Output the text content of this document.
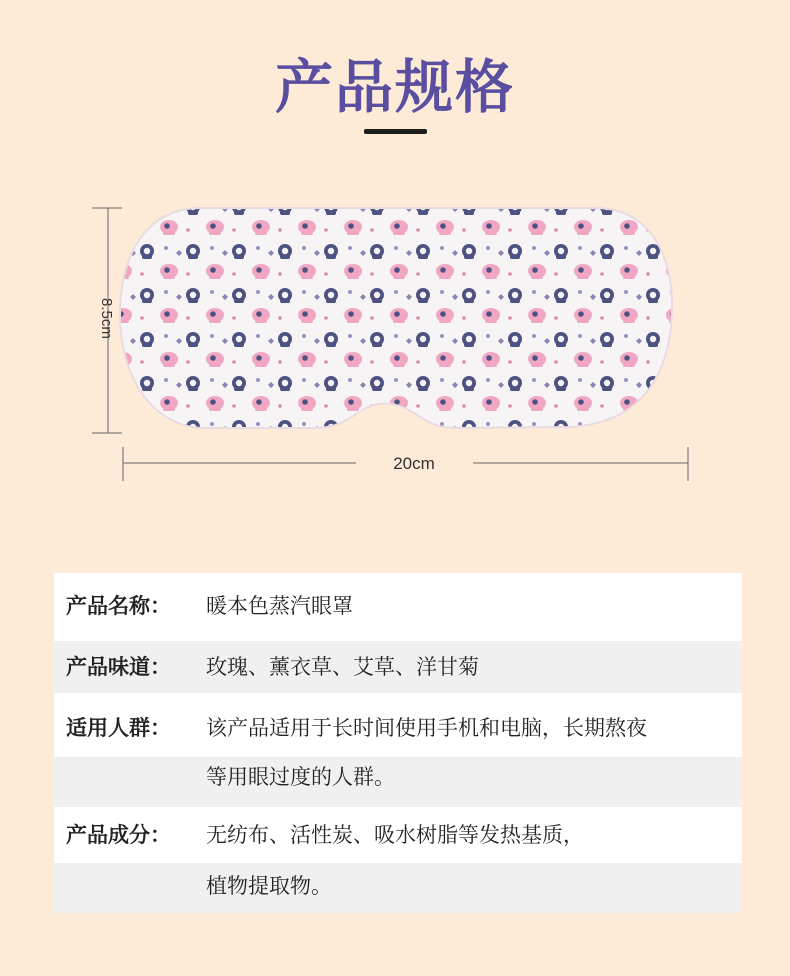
产品规格
8.5cm
20cm
产品名称：	暖本色蒸汽眼罩
产品味道：	玫瑰、薰衣草、艾草、洋甘菊
适用人群：	该产品适用于长时间使用手机和电脑，长期熬夜
等用眼过度的人群。
产品成分：	无纺布、活性炭、吸水树脂等发热基质，
植物提取物。
